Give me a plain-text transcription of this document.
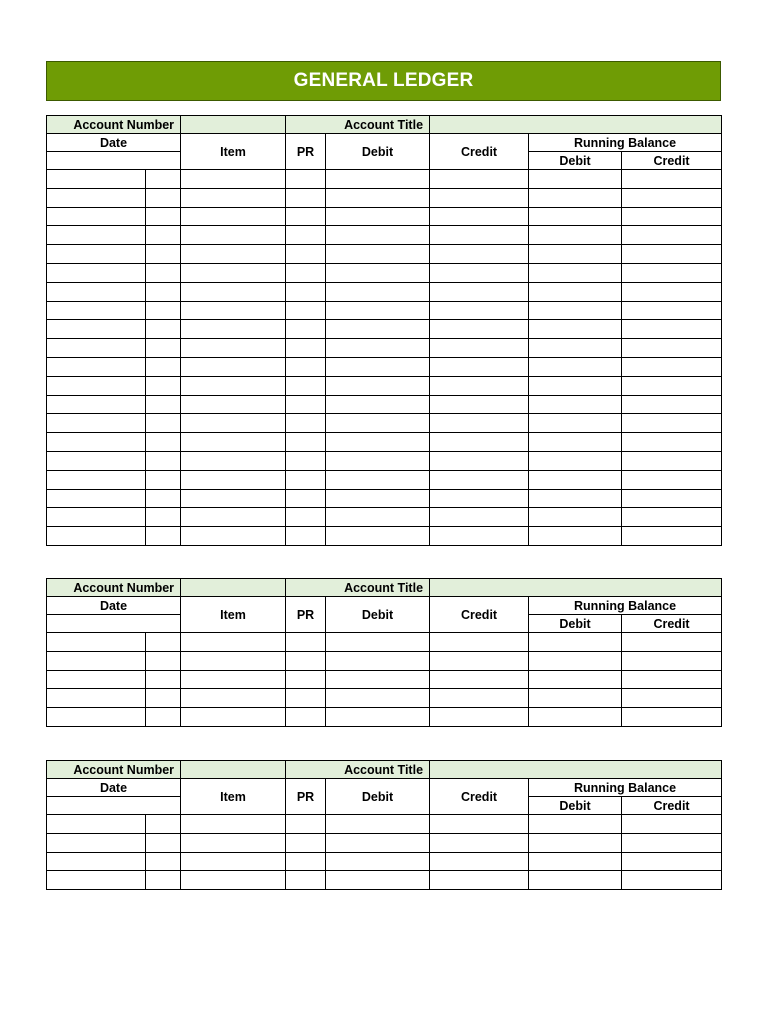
GENERAL LEDGER
Account Number			Account Title				
Date		Item	PR	Debit	Credit	Running Balance	
						Debit	Credit

Account Number			Account Title				
Date		Item	PR	Debit	Credit	Running Balance	
						Debit	Credit

Account Number			Account Title				
Date		Item	PR	Debit	Credit	Running Balance	
						Debit	Credit
